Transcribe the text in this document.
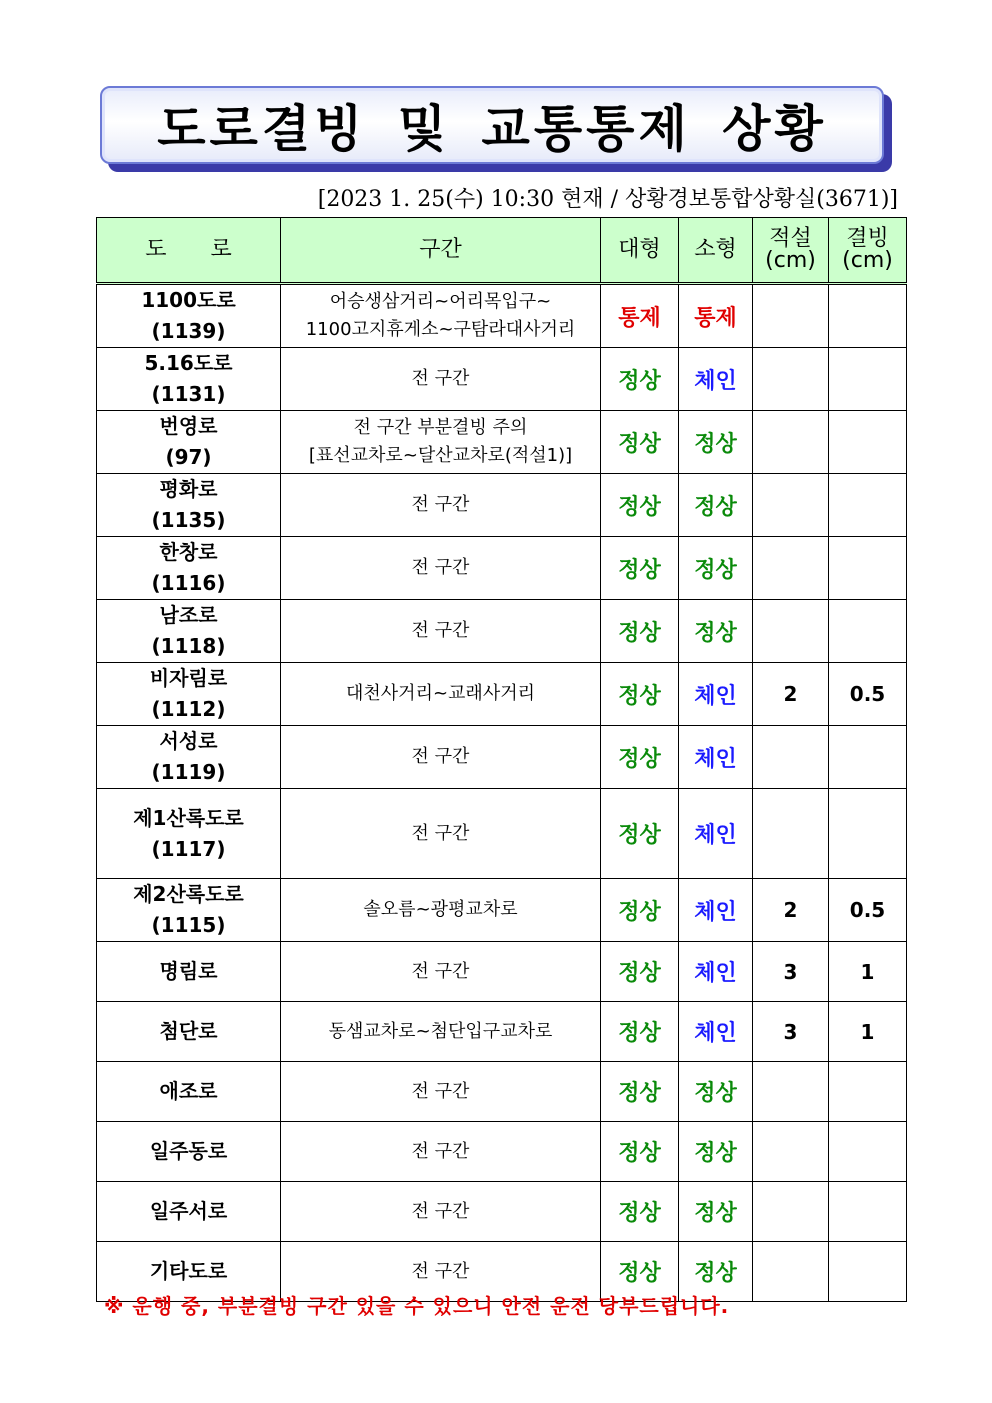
도로결빙 및 교통통제 상황
[2023 1. 25(수) 10:30 현재 / 상황경보통합상황실(3671)]
도　　로	구간	대형	소형	적설
(cm)	결빙
(cm)

1100도로
(1139)	어승생삼거리~어리목입구~
1100고지휴게소~구탐라대사거리	통제	통제		

5.16도로
(1131)	전 구간	정상	체인		

번영로
(97)	전 구간 부분결빙 주의
[표선교차로~달산교차로(적설1)]	정상	정상		

평화로
(1135)	전 구간	정상	정상		

한창로
(1116)	전 구간	정상	정상		

남조로
(1118)	전 구간	정상	정상		

비자림로
(1112)	대천사거리~교래사거리	정상	체인	2	0.5

서성로
(1119)	전 구간	정상	체인		

제1산록도로
(1117)	전 구간	정상	체인		

제2산록도로
(1115)	솔오름~광평교차로	정상	체인	2	0.5

명림로	전 구간	정상	체인	3	1

첨단로	동샘교차로~첨단입구교차로	정상	체인	3	1

애조로	전 구간	정상	정상		

일주동로	전 구간	정상	정상		

일주서로	전 구간	정상	정상		

기타도로	전 구간	정상	정상		
※ 운행 중, 부분결빙 구간 있을 수 있으니 안전 운전 당부드립니다.
